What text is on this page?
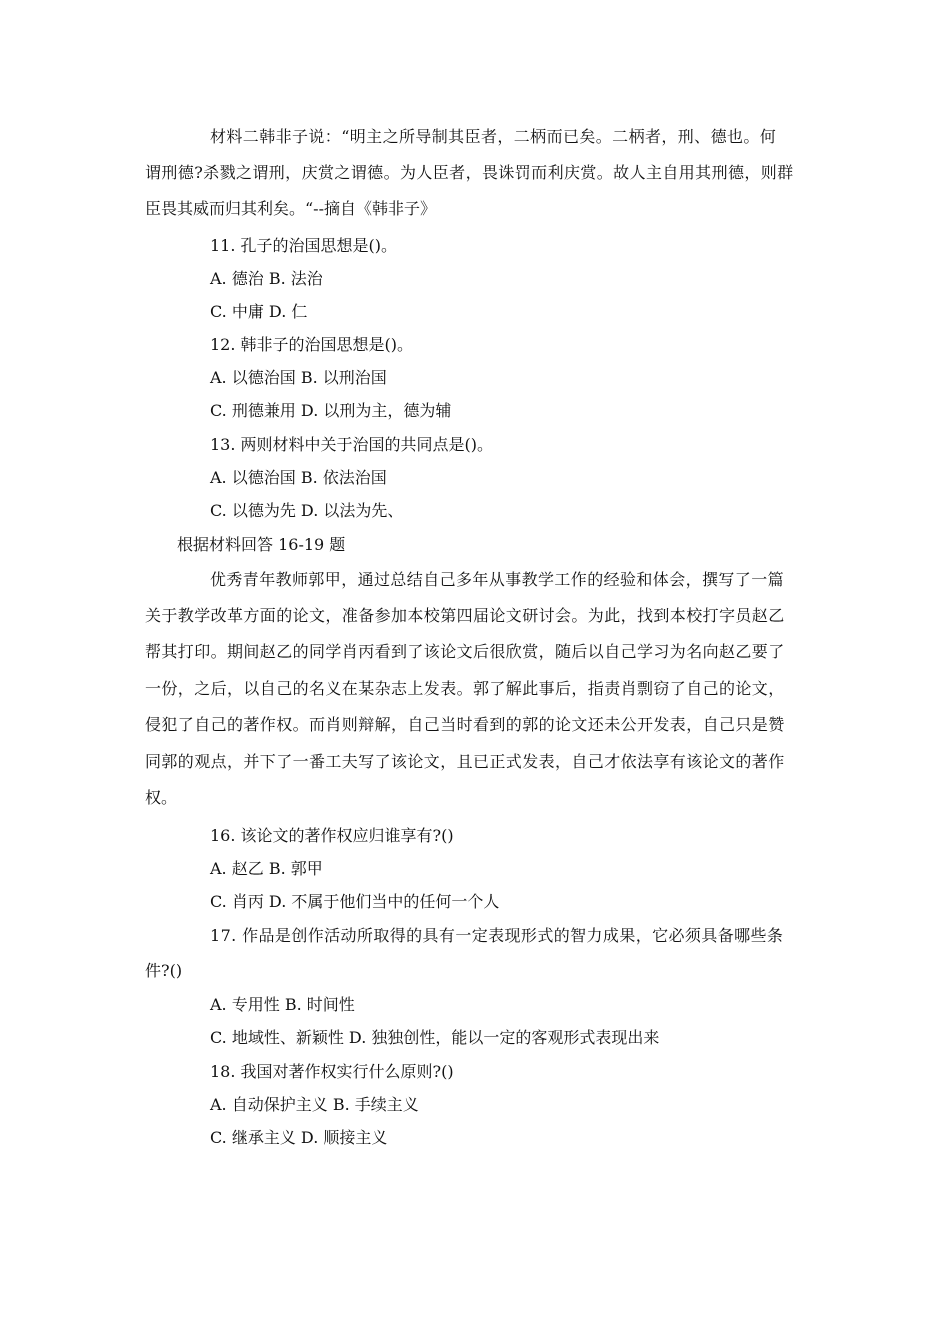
材料二韩非子说：“明主之所导制其臣者，二柄而已矣。二柄者，刑、德也。何
谓刑德?杀戮之谓刑，庆赏之谓德。为人臣者，畏诛罚而利庆赏。故人主自用其刑德，则群
臣畏其威而归其利矣。“--摘自《韩非子》
11. 孔子的治国思想是()。
A. 德治 B. 法治
C. 中庸 D. 仁
12. 韩非子的治国思想是()。
A. 以德治国 B. 以刑治国
C. 刑德兼用 D. 以刑为主，德为辅
13. 两则材料中关于治国的共同点是()。
A. 以德治国 B. 依法治国
C. 以德为先 D. 以法为先、
根据材料回答 16-19 题
优秀青年教师郭甲，通过总结自己多年从事教学工作的经验和体会，撰写了一篇
关于教学改革方面的论文，准备参加本校第四届论文研讨会。为此，找到本校打字员赵乙
帮其打印。期间赵乙的同学肖丙看到了该论文后很欣赏，随后以自己学习为名向赵乙要了
一份，之后，以自己的名义在某杂志上发表。郭了解此事后，指责肖剽窃了自己的论文，
侵犯了自己的著作权。而肖则辩解，自己当时看到的郭的论文还未公开发表，自己只是赞
同郭的观点，并下了一番工夫写了该论文，且已正式发表，自己才依法享有该论文的著作
权。
16. 该论文的著作权应归谁享有?()
A. 赵乙 B. 郭甲
C. 肖丙 D. 不属于他们当中的任何一个人
17. 作品是创作活动所取得的具有一定表现形式的智力成果，它必须具备哪些条
件?()
A. 专用性 B. 时间性
C. 地域性、新颖性 D. 独独创性，能以一定的客观形式表现出来
18. 我国对著作权实行什么原则?()
A. 自动保护主义 B. 手续主义
C. 继承主义 D. 顺接主义
